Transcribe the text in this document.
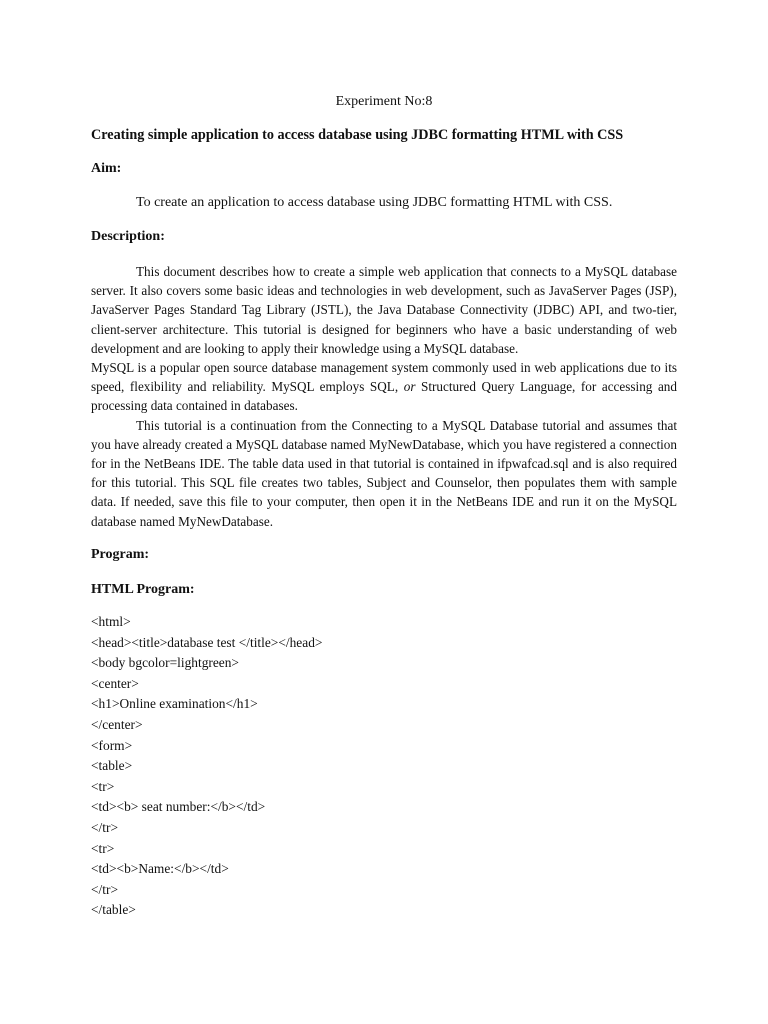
Experiment No:8
Creating simple application to access database using JDBC formatting HTML with CSS
Aim:
To create an application to access database using JDBC formatting HTML with CSS.
Description:

This document describes how to create a simple web application that connects to a MySQL database server. It also covers some basic ideas and technologies in web development, such as JavaServer Pages (JSP), JavaServer Pages Standard Tag Library (JSTL), the Java Database Connectivity (JDBC) API, and two-tier, client-server architecture. This tutorial is designed for beginners who have a basic understanding of web development and are looking to apply their knowledge using a MySQL database.

MySQL is a popular open source database management system commonly used in web applications due to its speed, flexibility and reliability. MySQL employs SQL, or Structured Query Language, for accessing and processing data contained in databases.

This tutorial is a continuation from the Connecting to a MySQL Database tutorial and assumes that you have already created a MySQL database named MyNewDatabase, which you have registered a connection for in the NetBeans IDE. The table data used in that tutorial is contained in ifpwafcad.sql and is also required for this tutorial. This SQL file creates two tables, Subject and Counselor, then populates them with sample data. If needed, save this file to your computer, then open it in the NetBeans IDE and run it on the MySQL database named MyNewDatabase.

Program:
HTML Program:
<html>
<head><title>database test </title></head>
<body bgcolor=lightgreen>
<center>
<h1>Online examination</h1>
</center>
<form>
<table>
<tr>
<td><b> seat number:</b></td>
</tr>
<tr>
<td><b>Name:</b></td>
</tr>
</table>
